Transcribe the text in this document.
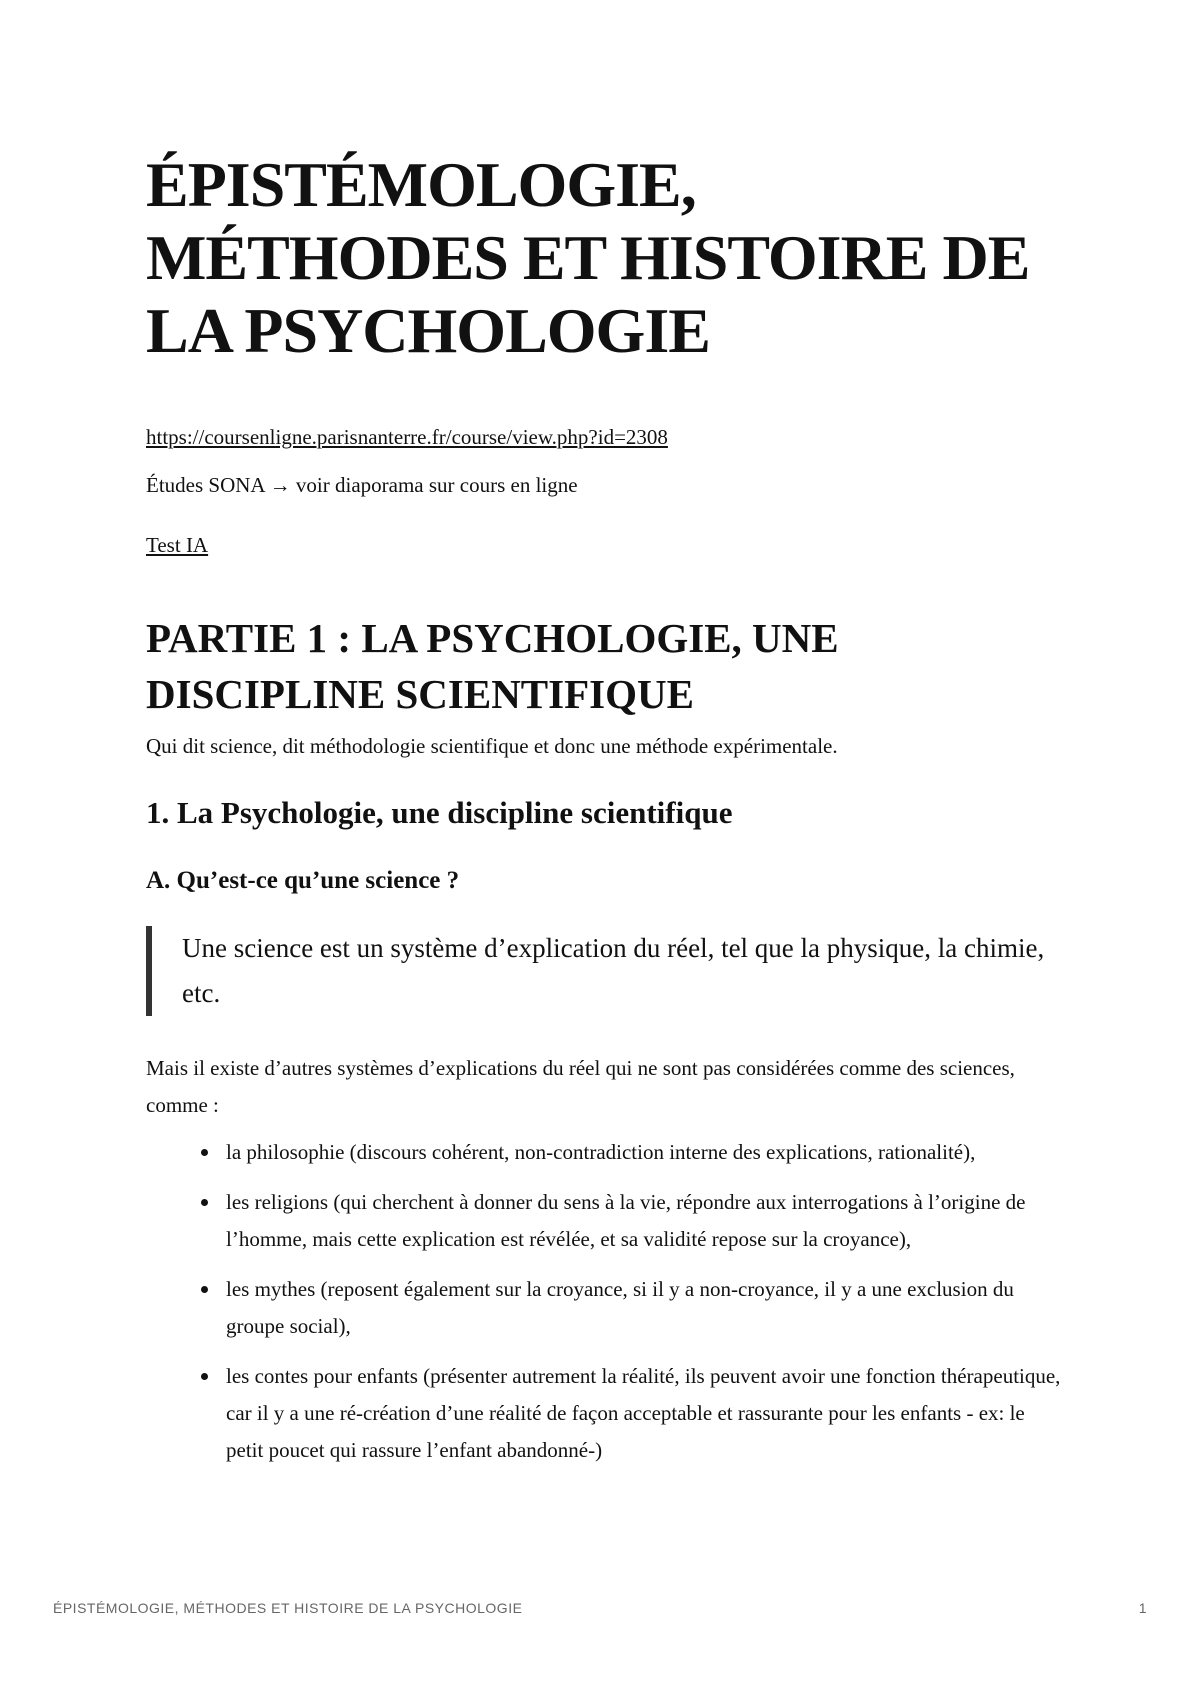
ÉPISTÉMOLOGIE, MÉTHODES ET HISTOIRE DE LA PSYCHOLOGIE

https://coursenligne.parisnanterre.fr/course/view.php?id=2308

Études SONA → voir diaporama sur cours en ligne

Test IA

PARTIE 1 : LA PSYCHOLOGIE, UNE DISCIPLINE SCIENTIFIQUE

Qui dit science, dit méthodologie scientifique et donc une méthode expérimentale.

1. La Psychologie, une discipline scientifique
A. Qu’est-ce qu’une science ?
Une science est un système d’explication du réel, tel que la physique, la chimie, etc.

Mais il existe d’autres systèmes d’explications du réel qui ne sont pas considérées comme des sciences, comme :

la philosophie (discours cohérent, non-contradiction interne des explications, rationalité),
les religions (qui cherchent à donner du sens à la vie, répondre aux interrogations à l’origine de l’homme, mais cette explication est révélée, et sa validité repose sur la croyance),
les mythes (reposent également sur la croyance, si il y a non-croyance, il y a une exclusion du groupe social),
les contes pour enfants (présenter autrement la réalité, ils peuvent avoir une fonction thérapeutique, car il y a une ré-création d’une réalité de façon acceptable et rassurante pour les enfants - ex: le petit poucet qui rassure l’enfant abandonné-)
ÉPISTÉMOLOGIE, MÉTHODES ET HISTOIRE DE LA PSYCHOLOGIE	1
